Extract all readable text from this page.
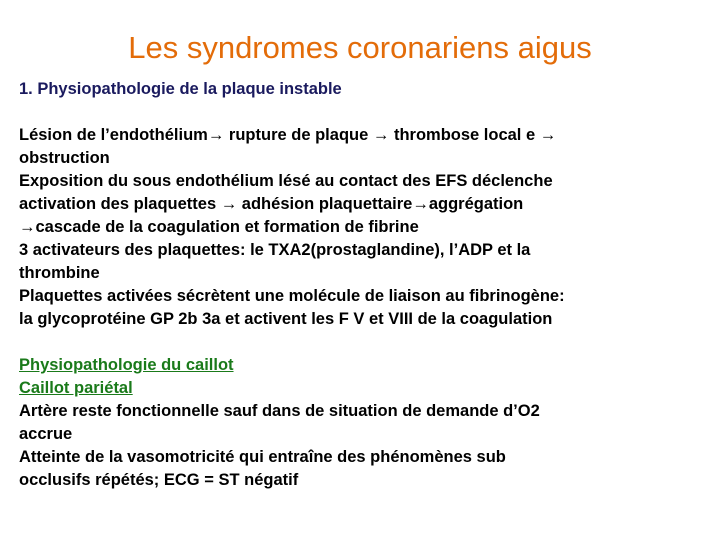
Les syndromes coronariens aigus
1. Physiopathologie de la plaque instable
Lésion de l’endothélium→ rupture de plaque → thrombose local e →
obstruction
Exposition du sous endothélium lésé au contact des EFS déclenche
activation des plaquettes → adhésion plaquettaire→aggrégation
→cascade de la coagulation et formation de fibrine
3 activateurs des plaquettes: le TXA2(prostaglandine), l’ADP et la
thrombine
Plaquettes activées sécrètent une molécule de liaison au fibrinogène:
la glycoprotéine GP 2b 3a et activent les F V et VIII de la coagulation
Physiopathologie du caillot
Caillot pariétal
Artère reste fonctionnelle sauf dans de situation de demande d’O2
accrue
Atteinte de la vasomotricité qui entraîne des phénomènes sub
occlusifs répétés; ECG = ST négatif
